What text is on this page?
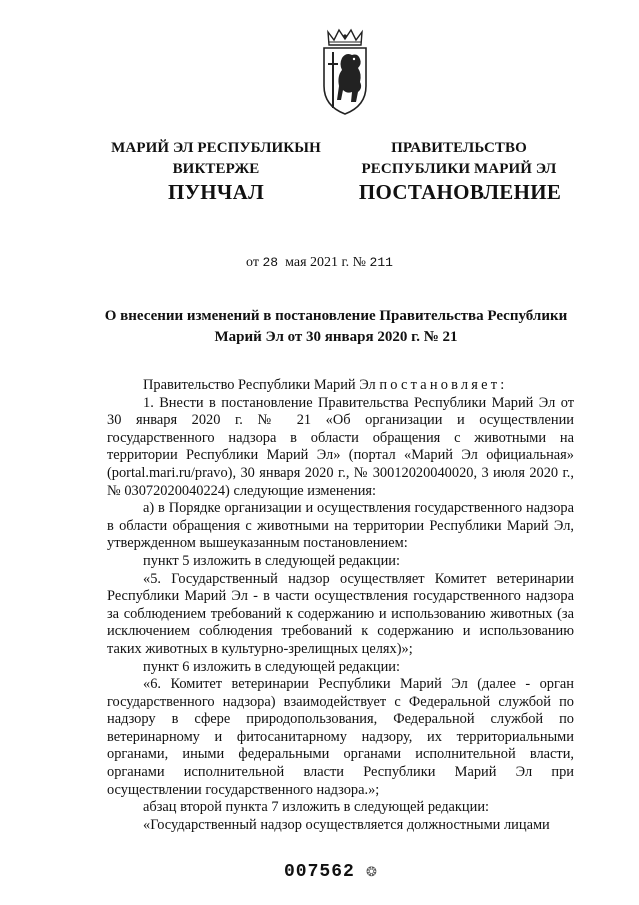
МАРИЙ ЭЛ РЕСПУБЛИКЫН
ВИКТЕРЖЕ
ПРАВИТЕЛЬСТВО
РЕСПУБЛИКИ МАРИЙ ЭЛ
ПУНЧАЛ	ПОСТАНОВЛЕНИЕ
от 28 мая 2021 г. № 211
О внесении изменений в постановление Правительства Республики
Марий Эл от 30 января 2020 г. № 21

Правительство Республики Марий Эл постановляет:

1. Внести в постановление Правительства Республики Марий Эл от 30 января 2020 г. № 21 «Об организации и осуществлении государственного надзора в области обращения с животными на территории Республики Марий Эл» (портал «Марий Эл официальная» (portal.mari.ru/pravo), 30 января 2020 г., № 30012020040020, 3 июля 2020 г., № 03072020040224) следующие изменения:

а) в Порядке организации и осуществления государственного надзора в области обращения с животными на территории Республики Марий Эл, утвержденном вышеуказанным постановлением:

пункт 5 изложить в следующей редакции:

«5. Государственный надзор осуществляет Комитет ветеринарии Республики Марий Эл - в части осуществления государственного надзора за соблюдением требований к содержанию и использованию животных (за исключением соблюдения требований к содержанию и использованию таких животных в культурно-зрелищных целях)»;

пункт 6 изложить в следующей редакции:

«6. Комитет ветеринарии Республики Марий Эл (далее - орган государственного надзора) взаимодействует с Федеральной службой по надзору в сфере природопользования, Федеральной службой по ветеринарному и фитосанитарному надзору, их территориальными органами, иными федеральными органами исполнительной власти, органами исполнительной власти Республики Марий Эл при осуществлении государственного надзора.»;

абзац второй пункта 7 изложить в следующей редакции:

«Государственный надзор осуществляется должностными лицами

007562 ❂
